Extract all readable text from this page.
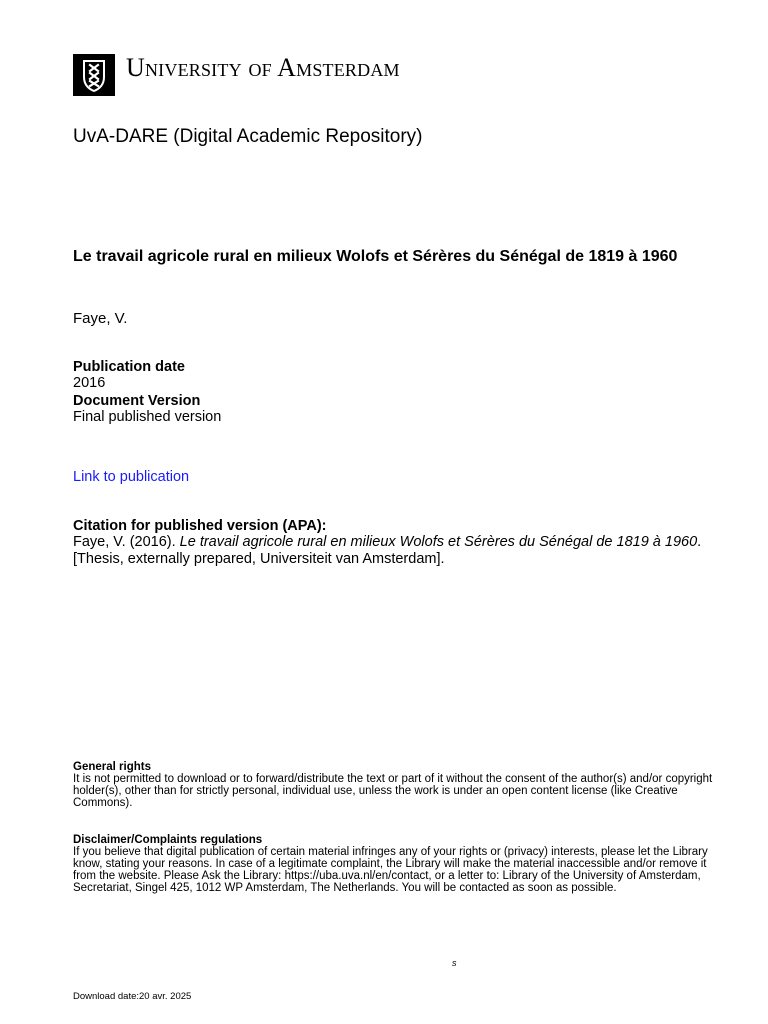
University of Amsterdam
UvA-DARE (Digital Academic Repository)
Le travail agricole rural en milieux Wolofs et Sérères du Sénégal de 1819 à 1960
Faye, V.
Publication date
2016
Document Version
Final published version
Link to publication
Citation for published version (APA):
Faye, V. (2016). Le travail agricole rural en milieux Wolofs et Sérères du Sénégal de 1819 à 1960. [Thesis, externally prepared, Universiteit van Amsterdam].
General rights
It is not permitted to download or to forward/distribute the text or part of it without the consent of the author(s) and/or copyright holder(s), other than for strictly personal, individual use, unless the work is under an open content license (like Creative Commons).
Disclaimer/Complaints regulations
If you believe that digital publication of certain material infringes any of your rights or (privacy) interests, please let the Library know, stating your reasons. In case of a legitimate complaint, the Library will make the material inaccessible and/or remove it from the website. Please Ask the Library: https://uba.uva.nl/en/contact, or a letter to: Library of the University of Amsterdam, Secretariat, Singel 425, 1012 WP Amsterdam, The Netherlands. You will be contacted as soon as possible.
s
Download date:20 avr. 2025
